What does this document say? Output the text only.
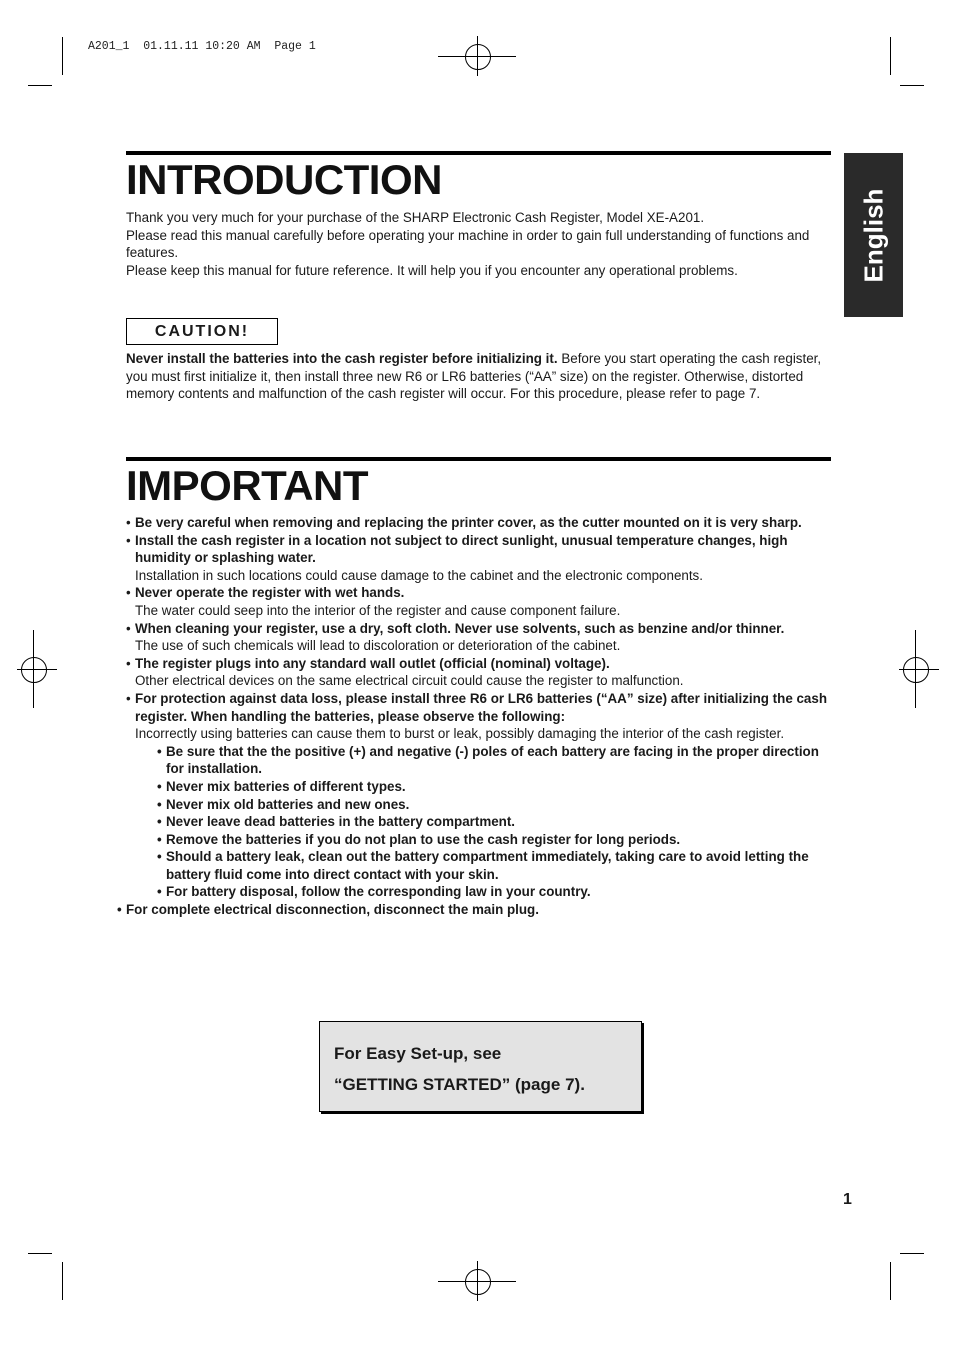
A201_1  01.11.11 10:20 AM  Page 1
English
INTRODUCTION

Thank you very much for your purchase of the SHARP Electronic Cash Register, Model XE-A201.

Please read this manual carefully before operating your machine in order to gain full understanding of functions and features.

Please keep this manual for future reference. It will help you if you encounter any operational problems.

CAUTION!

Never install the batteries into the cash register before initializing it. Before you start operating the cash register, you must first initialize it, then install three new R6 or LR6 batteries (“AA” size) on the register. Otherwise, distorted memory contents and malfunction of the cash register will occur. For this procedure, please refer to page 7.

IMPORTANT
• Be very careful when removing and replacing the printer cover, as the cutter mounted on it is very sharp.
• Install the cash register in a location not subject to direct sunlight, unusual temperature changes, high humidity or splashing water.
Installation in such locations could cause damage to the cabinet and the electronic components.
• Never operate the register with wet hands.
The water could seep into the interior of the register and cause component failure.
• When cleaning your register, use a dry, soft cloth. Never use solvents, such as benzine and/or thinner.
The use of such chemicals will lead to discoloration or deterioration of the cabinet.
• The register plugs into any standard wall outlet (official (nominal) voltage).
Other electrical devices on the same electrical circuit could cause the register to malfunction.
• For protection against data loss, please install three R6 or LR6 batteries (“AA” size) after initializing the cash register. When handling the batteries, please observe the following:
Incorrectly using batteries can cause them to burst or leak, possibly damaging the interior of the cash register.
• Be sure that the the positive (+) and negative (-) poles of each battery are facing in the proper direction for installation.
• Never mix batteries of different types.
• Never mix old batteries and new ones.
• Never leave dead batteries in the battery compartment.
• Remove the batteries if you do not plan to use the cash register for long periods.
• Should a battery leak, clean out the battery compartment immediately, taking care to avoid letting the battery fluid come into direct contact with your skin.
• For battery disposal, follow the corresponding law in your country.
• For complete electrical disconnection, disconnect the main plug.
For Easy Set-up, see
“GETTING STARTED” (page 7).
1
